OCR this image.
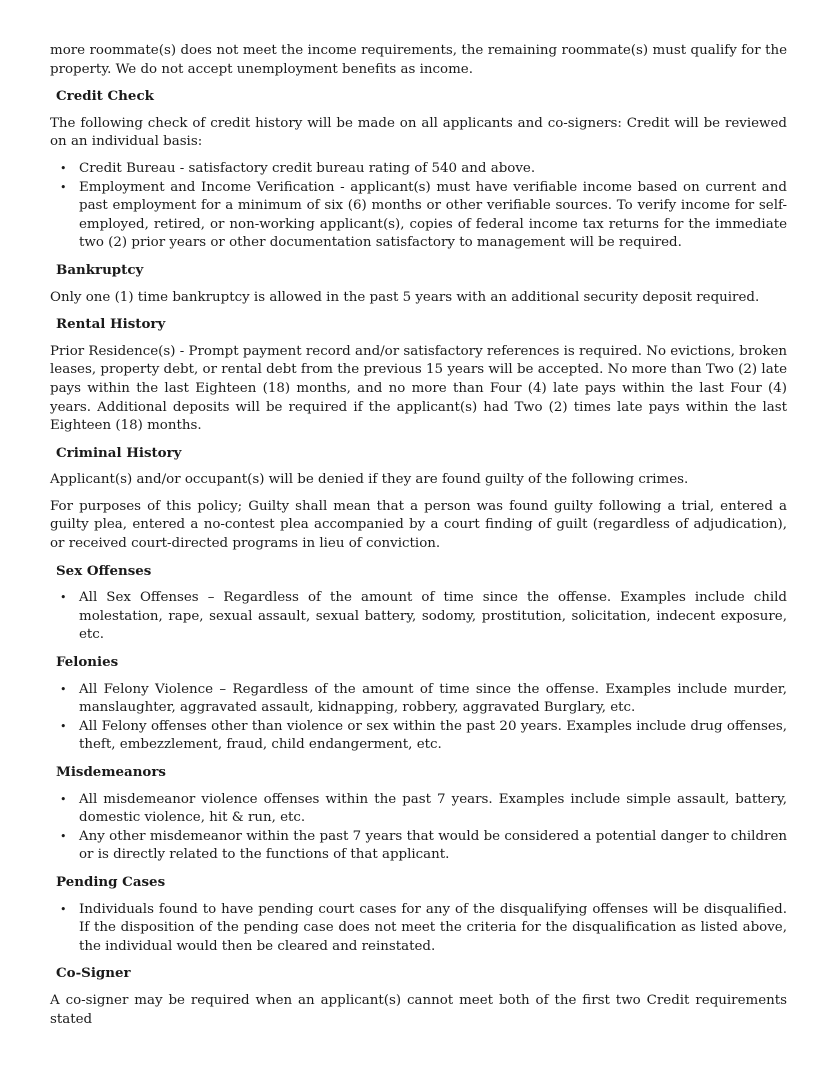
more roommate(s) does not meet the income requirements, the remaining roommate(s) must qualify for the property. We do not accept unemployment benefits as income.

Credit Check

The following check of credit history will be made on all applicants and co-signers: Credit will be reviewed on an individual basis:

• Credit Bureau - satisfactory credit bureau rating of 540 and above.
• Employment and Income Verification - applicant(s) must have verifiable income based on current and past employment for a minimum of six (6) months or other verifiable sources. To verify income for self-employed, retired, or non-working applicant(s), copies of federal income tax returns for the immediate two (2) prior years or other documentation satisfactory to management will be required.
Bankruptcy

Only one (1) time bankruptcy is allowed in the past 5 years with an additional security deposit required.

Rental History

Prior Residence(s) - Prompt payment record and/or satisfactory references is required. No evictions, broken leases, property debt, or rental debt from the previous 15 years will be accepted. No more than Two (2) late pays within the last Eighteen (18) months, and no more than Four (4) late pays within the last Four (4) years. Additional deposits will be required if the applicant(s) had Two (2) times late pays within the last Eighteen (18) months.

Criminal History

Applicant(s) and/or occupant(s) will be denied if they are found guilty of the following crimes.

For purposes of this policy; Guilty shall mean that a person was found guilty following a trial, entered a guilty plea, entered a no-contest plea accompanied by a court finding of guilt (regardless of adjudication), or received court-directed programs in lieu of conviction.

Sex Offenses
• All Sex Offenses – Regardless of the amount of time since the offense. Examples include child molestation, rape, sexual assault, sexual battery, sodomy, prostitution, solicitation, indecent exposure, etc.
Felonies
• All Felony Violence – Regardless of the amount of time since the offense. Examples include murder, manslaughter, aggravated assault, kidnapping, robbery, aggravated Burglary, etc.
• All Felony offenses other than violence or sex within the past 20 years. Examples include drug offenses, theft, embezzlement, fraud, child endangerment, etc.
Misdemeanors
• All misdemeanor violence offenses within the past 7 years. Examples include simple assault, battery, domestic violence, hit & run, etc.
• Any other misdemeanor within the past 7 years that would be considered a potential danger to children or is directly related to the functions of that applicant.
Pending Cases
• Individuals found to have pending court cases for any of the disqualifying offenses will be disqualified. If the disposition of the pending case does not meet the criteria for the disqualification as listed above, the individual would then be cleared and reinstated.
Co-Signer

A co-signer may be required when an applicant(s) cannot meet both of the first two Credit requirements stated
